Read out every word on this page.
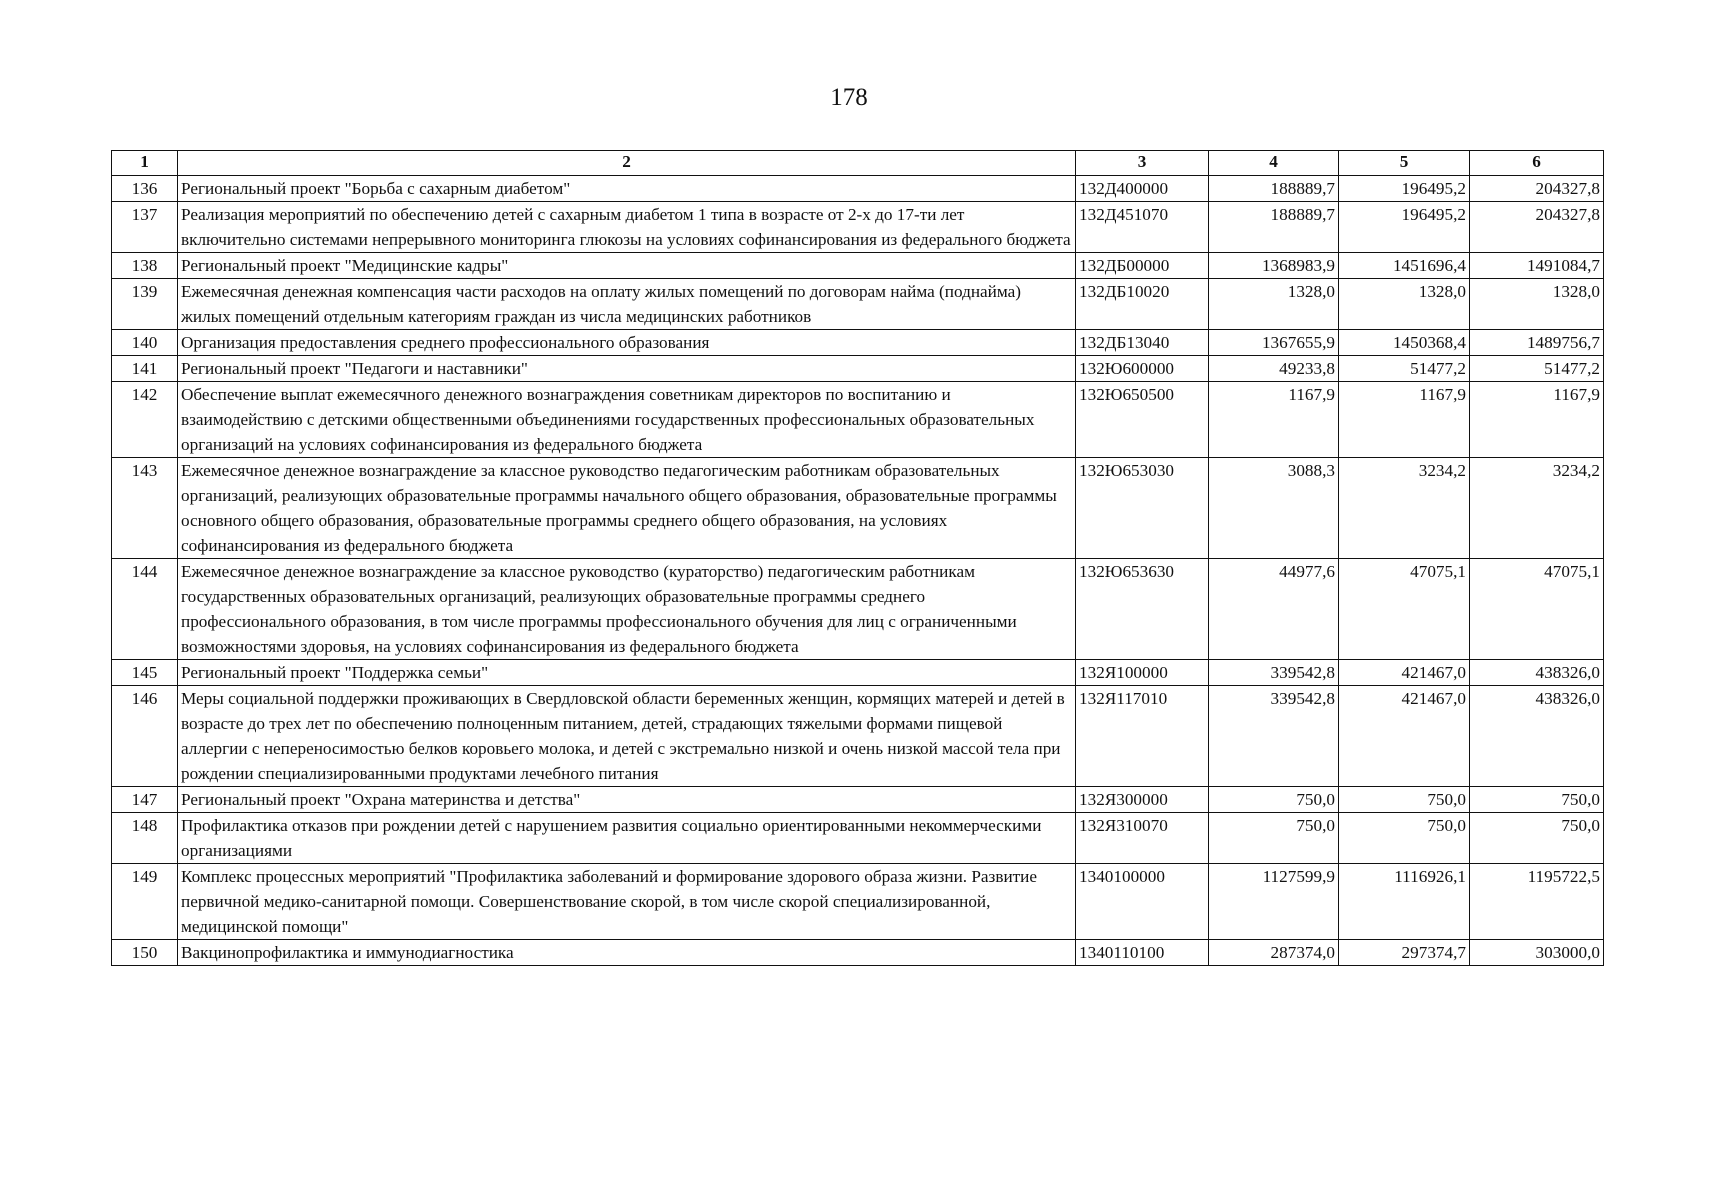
178
1	2	3	4	5	6
136	Региональный проект "Борьба с сахарным диабетом"	132Д400000	188889,7	196495,2	204327,8
137	Реализация мероприятий по обеспечению детей с сахарным диабетом 1 типа в возрасте от 2-х до 17-ти лет включительно системами непрерывного мониторинга глюкозы на условиях софинансирования из федерального бюджета	132Д451070	188889,7	196495,2	204327,8
138	Региональный проект "Медицинские кадры"	132ДБ00000	1368983,9	1451696,4	1491084,7
139	Ежемесячная денежная компенсация части расходов на оплату жилых помещений по договорам найма (поднайма) жилых помещений отдельным категориям граждан из числа медицинских работников	132ДБ10020	1328,0	1328,0	1328,0
140	Организация предоставления среднего профессионального образования	132ДБ13040	1367655,9	1450368,4	1489756,7
141	Региональный проект "Педагоги и наставники"	132Ю600000	49233,8	51477,2	51477,2
142	Обеспечение выплат ежемесячного денежного вознаграждения советникам директоров по воспитанию и взаимодействию с детскими общественными объединениями государственных профессиональных образовательных организаций на условиях софинансирования из федерального бюджета	132Ю650500	1167,9	1167,9	1167,9
143	Ежемесячное денежное вознаграждение за классное руководство педагогическим работникам образовательных организаций, реализующих образовательные программы начального общего образования, образовательные программы основного общего образования, образовательные программы среднего общего образования, на условиях софинансирования из федерального бюджета	132Ю653030	3088,3	3234,2	3234,2
144	Ежемесячное денежное вознаграждение за классное руководство (кураторство) педагогическим работникам государственных образовательных организаций, реализующих образовательные программы среднего профессионального образования, в том числе программы профессионального обучения для лиц с ограниченными возможностями здоровья, на условиях софинансирования из федерального бюджета	132Ю653630	44977,6	47075,1	47075,1
145	Региональный проект "Поддержка семьи"	132Я100000	339542,8	421467,0	438326,0
146	Меры социальной поддержки проживающих в Свердловской области беременных женщин, кормящих матерей и детей в возрасте до трех лет по обеспечению полноценным питанием, детей, страдающих тяжелыми формами пищевой аллергии с непереносимостью белков коровьего молока, и детей с экстремально низкой и очень низкой массой тела при рождении специализированными продуктами лечебного питания	132Я117010	339542,8	421467,0	438326,0
147	Региональный проект "Охрана материнства и детства"	132Я300000	750,0	750,0	750,0
148	Профилактика отказов при рождении детей с нарушением развития социально ориентированными некоммерческими организациями	132Я310070	750,0	750,0	750,0
149	Комплекс процессных мероприятий "Профилактика заболеваний и формирование здорового образа жизни. Развитие первичной медико-санитарной помощи. Совершенствование скорой, в том числе скорой специализированной, медицинской помощи"	1340100000	1127599,9	1116926,1	1195722,5
150	Вакцинопрофилактика и иммунодиагностика	1340110100	287374,0	297374,7	303000,0
